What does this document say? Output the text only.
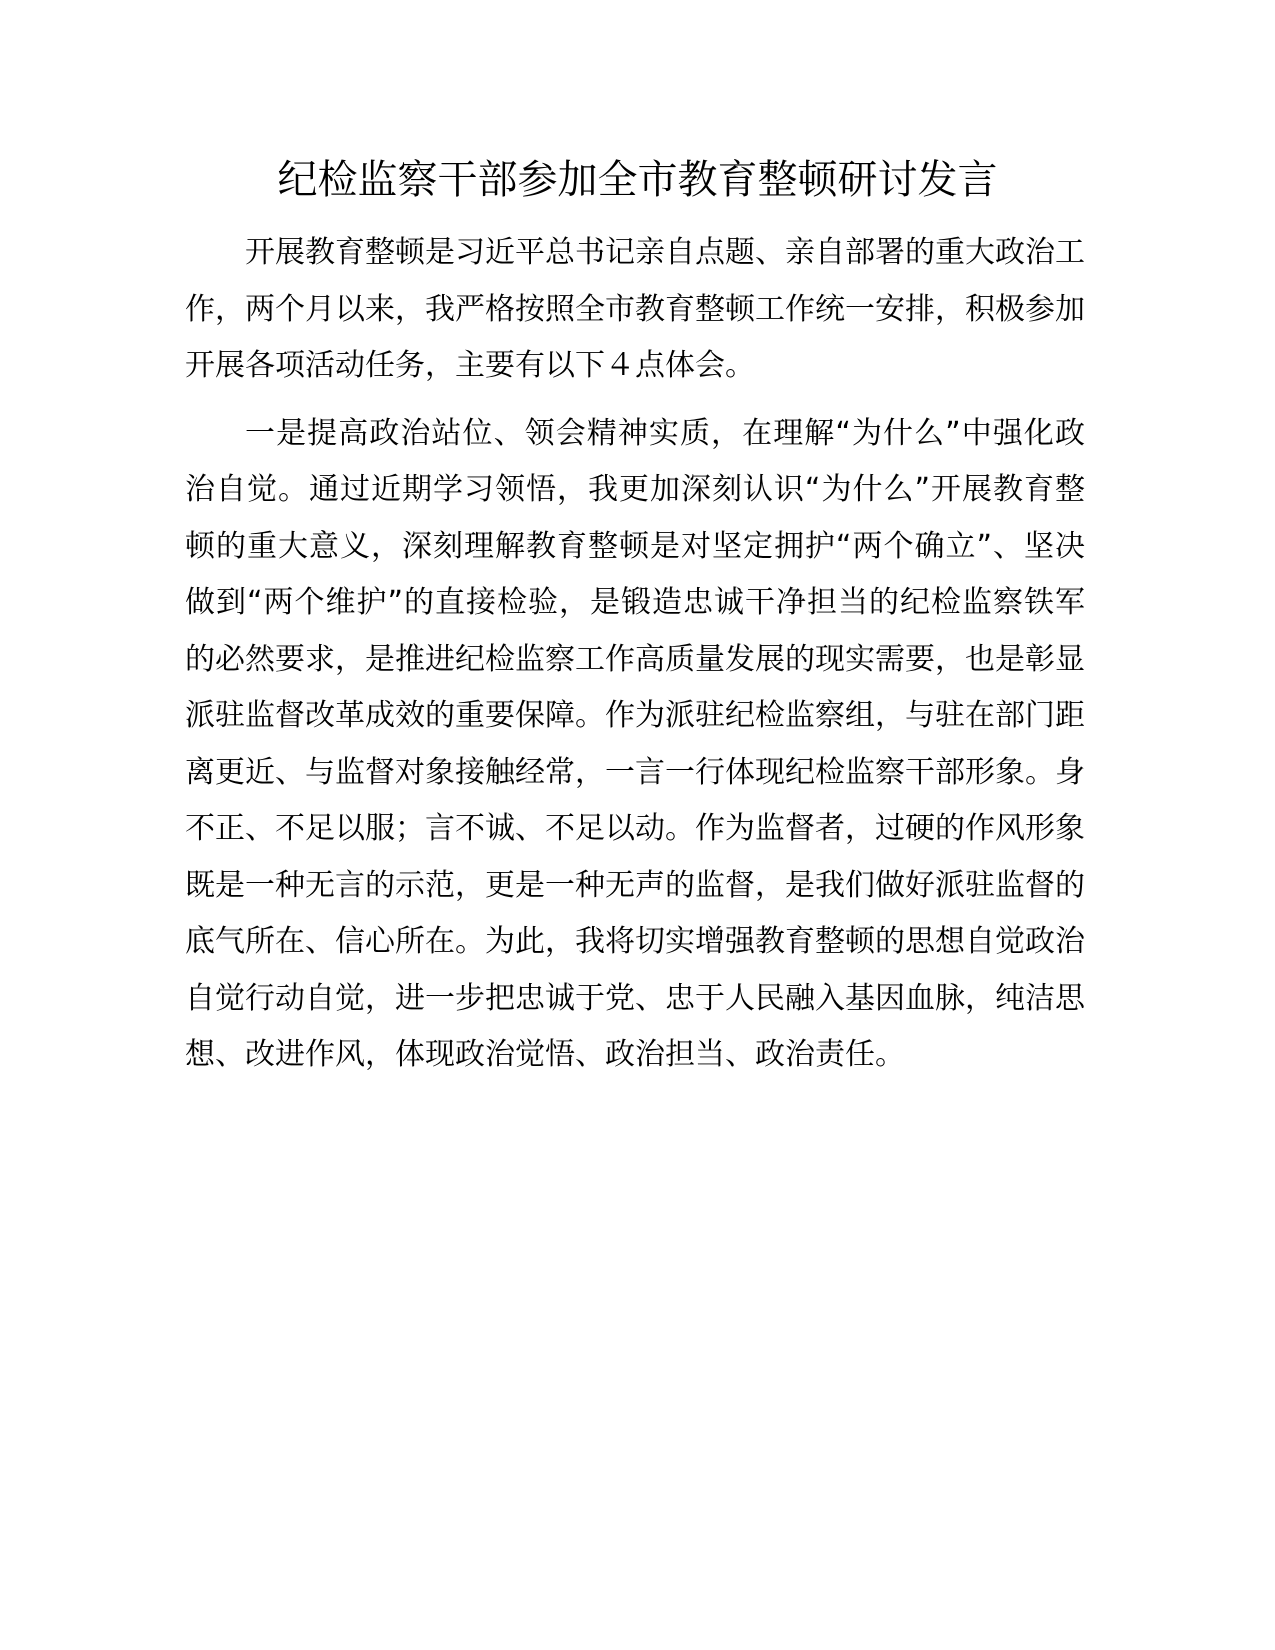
纪检监察干部参加全市教育整顿研讨发言

开展教育整顿是习近平总书记亲自点题、亲自部署的重大政治工作，两个月以来，我严格按照全市教育整顿工作统一安排，积极参加开展各项活动任务，主要有以下４点体会。

一是提高政治站位、领会精神实质，在理解“为什么”中强化政治自觉。通过近期学习领悟，我更加深刻认识“为什么”开展教育整顿的重大意义，深刻理解教育整顿是对坚定拥护“两个确立”、坚决做到“两个维护”的直接检验，是锻造忠诚干净担当的纪检监察铁军的必然要求，是推进纪检监察工作高质量发展的现实需要，也是彰显派驻监督改革成效的重要保障。作为派驻纪检监察组，与驻在部门距离更近、与监督对象接触经常，一言一行体现纪检监察干部形象。身不正、不足以服；言不诚、不足以动。作为监督者，过硬的作风形象既是一种无言的示范，更是一种无声的监督，是我们做好派驻监督的底气所在、信心所在。为此，我将切实增强教育整顿的思想自觉政治自觉行动自觉，进一步把忠诚于党、忠于人民融入基因血脉，纯洁思想、改进作风，体现政治觉悟、政治担当、政治责任。
